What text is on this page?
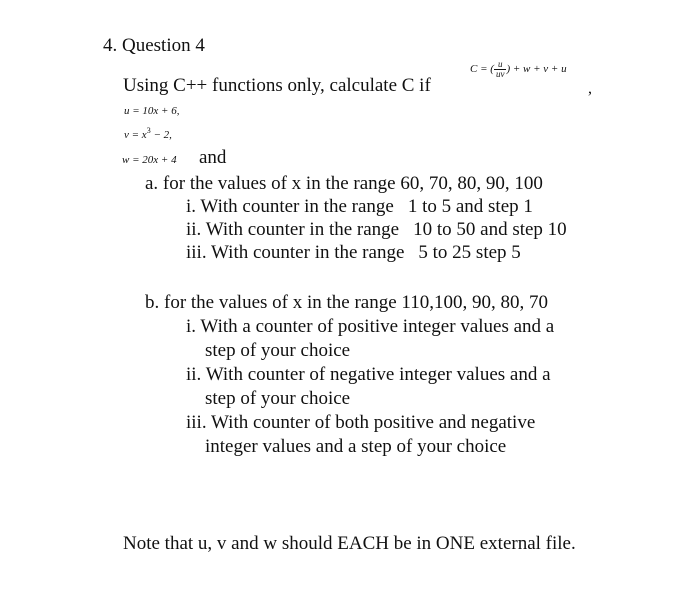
4. Question 4
Using C++ functions only, calculate C if
C = ( $\frac{u}{uv}$ ) + w + v + u
,
u = 10x + 6,
$v = x^3 - 2$,
w = 20x + 4 and
a. for the values of x in the range 60, 70, 80, 90, 100
i. With counter in the range 1 to 5 and step 1
ii. With counter in the range 10 to 50 and step 10
iii. With counter in the range 5 to 25 step 5
b. for the values of x in the range 110,100, 90, 80, 70
i. With a counter of positive integer values and a
step of your choice
ii. With counter of negative integer values and a
step of your choice
iii. With counter of both positive and negative
integer values and a step of your choice
Note that u, v and w should EACH be in ONE external file.
